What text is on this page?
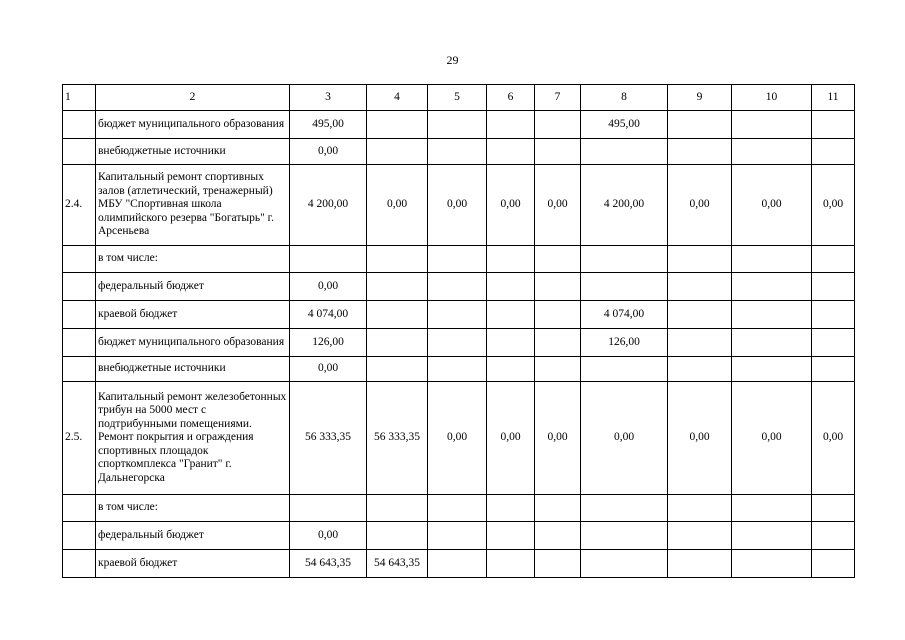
29
1	2	3	4	5	6	7	8	9	10	11
	бюджет муниципального образования	495,00					495,00			
	внебюджетные источники	0,00								
2.4.	Капитальный ремонт спортивных залов (атлетический, тренажерный) МБУ "Спортивная школа олимпийского резерва "Богатырь" г. Арсеньева	4 200,00	0,00	0,00	0,00	0,00	4 200,00	0,00	0,00	0,00
	в том числе:									
	федеральный бюджет	0,00								
	краевой бюджет	4 074,00					4 074,00			
	бюджет муниципального образования	126,00					126,00			
	внебюджетные источники	0,00								
2.5.	Капитальный ремонт железобетонных трибун на 5000 мест с подтрибунными помещениями. Ремонт покрытия и ограждения спортивных площадок спорткомплекса "Гранит" г. Дальнегорска	56 333,35	56 333,35	0,00	0,00	0,00	0,00	0,00	0,00	0,00
	в том числе:									
	федеральный бюджет	0,00								
	краевой бюджет	54 643,35	54 643,35							
